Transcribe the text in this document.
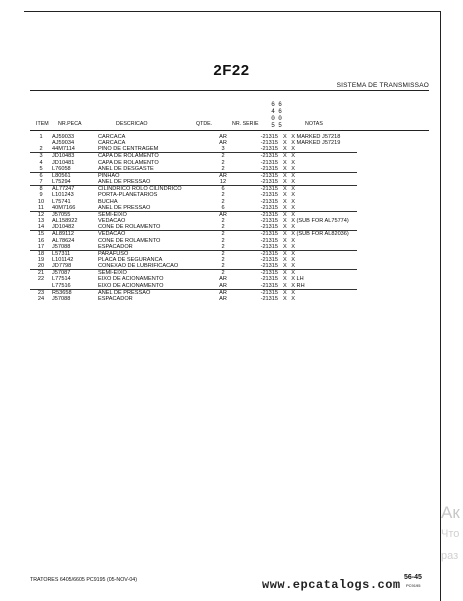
2F22
SISTEMA DE TRANSMISSAO
6
4
0
5
6
6
0
5
ITEM NR.PECA	DESCRICAO	QTDE.	NR. SERIE	NOTAS
1	AJ59033	CARCACA	AR	-21315	X X	MARKED J57218
	AJ59034	CARCACA	AR	-21315	X X	MARKED J57219
2	44M7114	PINO DE CENTRAGEM	3	-21315	X X	
3	JD10483	CAPA DE ROLAMENTO	2	-21315	X X	
4	JD10481	CAPA DE ROLAMENTO	2	-21315	X X	
5	L76058	ANEL DE DESGASTE	2	-21315	X X	
6	L80561	PINHAO	AR	-21315	X X	
7	L75294	ANEL DE PRESSAO	12	-21315	X X	
8	AL77247	CILINDRICO ROLO CILINDRICO	6	-21315	X X	
9	L101243	PORTA-PLANETARIOS	2	-21315	X X	
10	L75741	BUCHA	2	-21315	X X	
11	40M7166	ANEL DE PRESSAO	6	-21315	X X	
12	J57055	SEMI-EIXO	AR	-21315	X X	
13	AL158922	VEDACAO	2	-21315	X X	(SUB FOR AL75774)
14	JD10482	CONE DE ROLAMENTO	2	-21315	X X	
15	AL89112	VEDACAO	2	-21315	X X	(SUB FOR AL82036)
16	AL78624	CONE DE ROLAMENTO	2	-21315	X X	
17	J57088	ESPACADOR	2	-21315	X X	
18	L57311	PARAFUSO	2	-21315	X X	
19	L101142	PLACA DE SEGURANCA	2	-21315	X X	
20	JD7798	CONEXAO DE LUBRIFICACAO	2	-21315	X X	
21	J57087	SEMI-EIXO	2	-21315	X X	
22	L77514	EIXO DE ACIONAMENTO	AR	-21315	X X	LH
	L77516	EIXO DE ACIONAMENTO	AR	-21315	X X	RH
23	R53658	ANEL DE PRESSAO	AR	-21315	X X	
24	J57088	ESPACADOR	AR	-21315	X X	
Ак
Что
раз
TRATORES 6405/6605 PC9195 (05-NOV-04)	www.epcatalogs.com
56-45
PC9195
